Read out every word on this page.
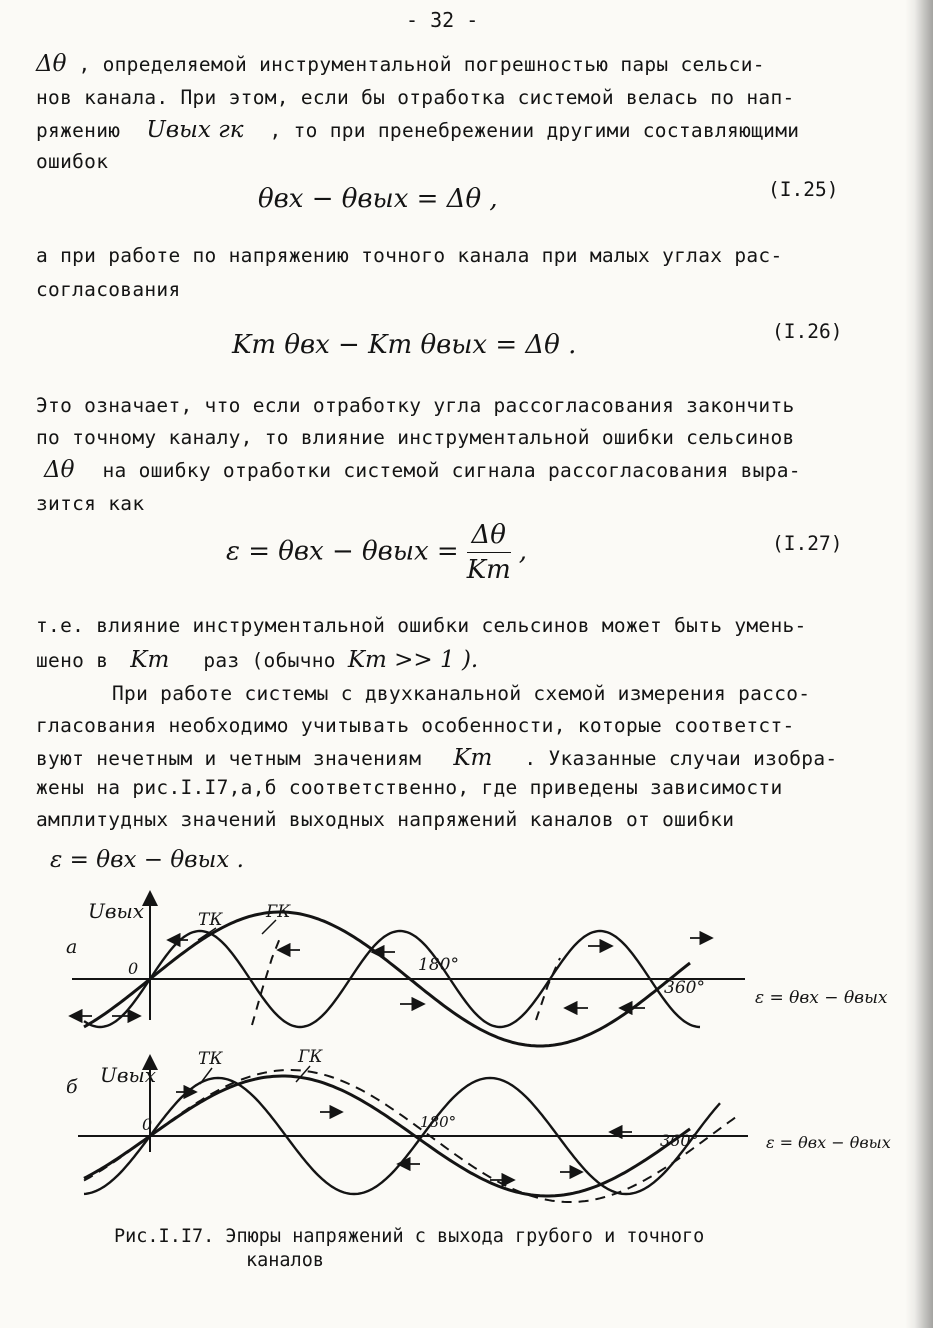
- 32 -
Δθ , определяемой инструментальной погрешностью пары сельси-
нов канала. При этом, если бы отработка системой велась по нап-
ряжению Uвых гк , то при пренебрежении другими составляющими
ошибок
θвх − θвых = Δθ ,	(I.25)
а при работе по напряжению точного канала при малых углах рас-
согласования
Kт θвх − Kт θвых = Δθ .	(I.26)
Это означает, что если отработку угла рассогласования закончить
по точному каналу, то влияние инструментальной ошибки сельсинов
Δθ на ошибку отработки системой сигнала рассогласования выра-
зится как
$\varepsilon = \theta вх - \theta вых = \frac{\Delta\theta}{Kт}$ ,	(I.27)
т.е. влияние инструментальной ошибки сельсинов может быть умень-
шено в Kт раз (обычно Kт >> 1 ).
При работе системы с двухканальной схемой измерения рассо-
гласования необходимо учитывать особенности, которые соответст-
вуют нечетным и четным значениям Kт . Указанные случаи изобра-
жены на рис.I.I7,а,б соответственно, где приведены зависимости
амплитудных значений выходных напряжений каналов от ошибки
ε = θвх − θвых .
а
Uвых
ε = θвх − θвых
0	180°
360°
ТК	ГК
б Uвых
ε = θвх − θвых
0	180°
360°
ТК	ГК
Рис.I.I7. Эпюры напряжений с выхода грубого и точного
каналов
